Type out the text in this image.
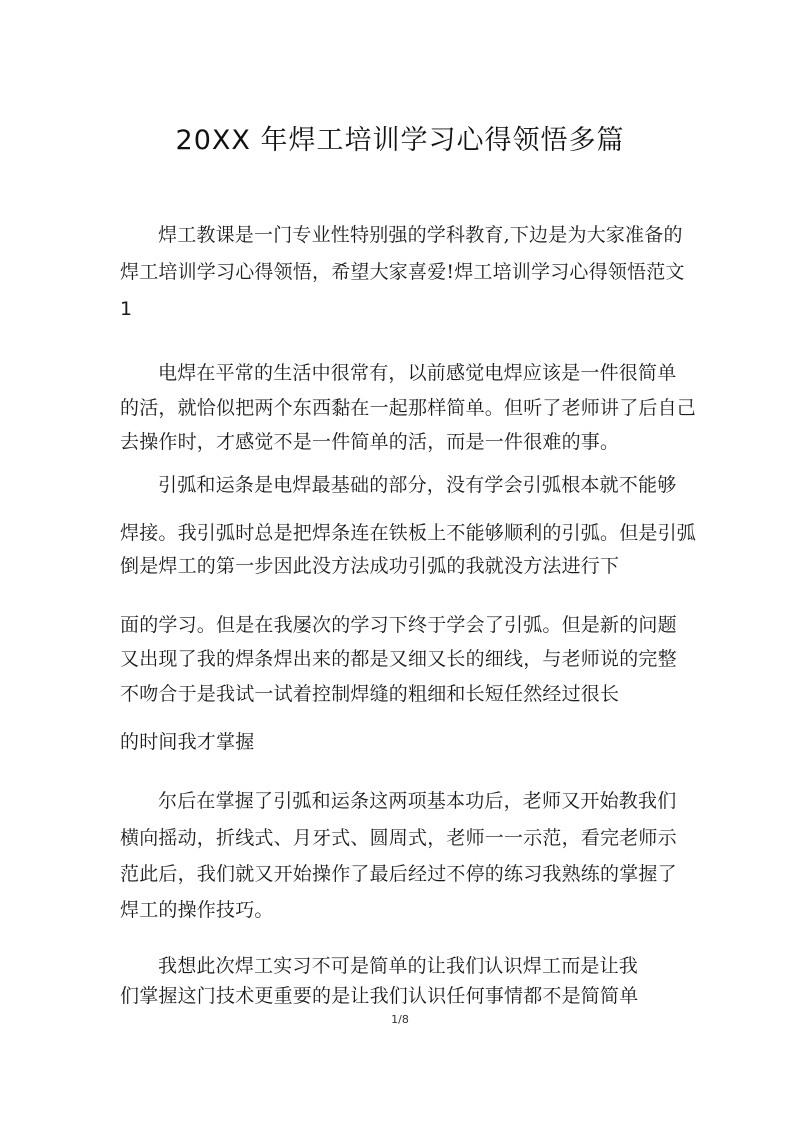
20XX 年焊工培训学习心得领悟多篇
焊工教课是一门专业性特别强的学科教育,下边是为大家准备的
焊工培训学习心得领悟，希望大家喜爱!焊工培训学习心得领悟范文
1
电焊在平常的生活中很常有，以前感觉电焊应该是一件很简单
的活，就恰似把两个东西黏在一起那样简单。但听了老师讲了后自己
去操作时，才感觉不是一件简单的活，而是一件很难的事。
引弧和运条是电焊最基础的部分，没有学会引弧根本就不能够
焊接。我引弧时总是把焊条连在铁板上不能够顺利的引弧。但是引弧
倒是焊工的第一步因此没方法成功引弧的我就没方法进行下
面的学习。但是在我屡次的学习下终于学会了引弧。但是新的问题
又出现了我的焊条焊出来的都是又细又长的细线，与老师说的完整
不吻合于是我试一试着控制焊缝的粗细和长短任然经过很长
的时间我才掌握
尔后在掌握了引弧和运条这两项基本功后，老师又开始教我们
横向摇动，折线式、月牙式、圆周式，老师一一示范，看完老师示
范此后，我们就又开始操作了最后经过不停的练习我熟练的掌握了
焊工的操作技巧。
我想此次焊工实习不可是简单的让我们认识焊工而是让我
们掌握这门技术更重要的是让我们认识任何事情都不是简简单
1/8
